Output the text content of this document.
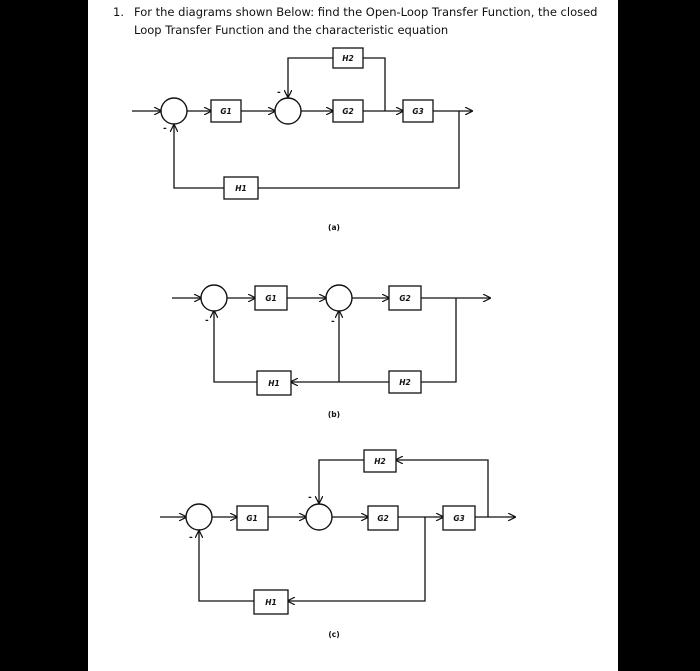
1. For the diagrams shown Below: find the Open-Loop Transfer Function, the closed Loop Transfer Function and the characteristic equation
G1	G2	G3
H2
H1
-
-
(a)
G1	G2
H1	H2
-	-
(b)
G1	G2	G3
H2
H1
-
-
(c)
